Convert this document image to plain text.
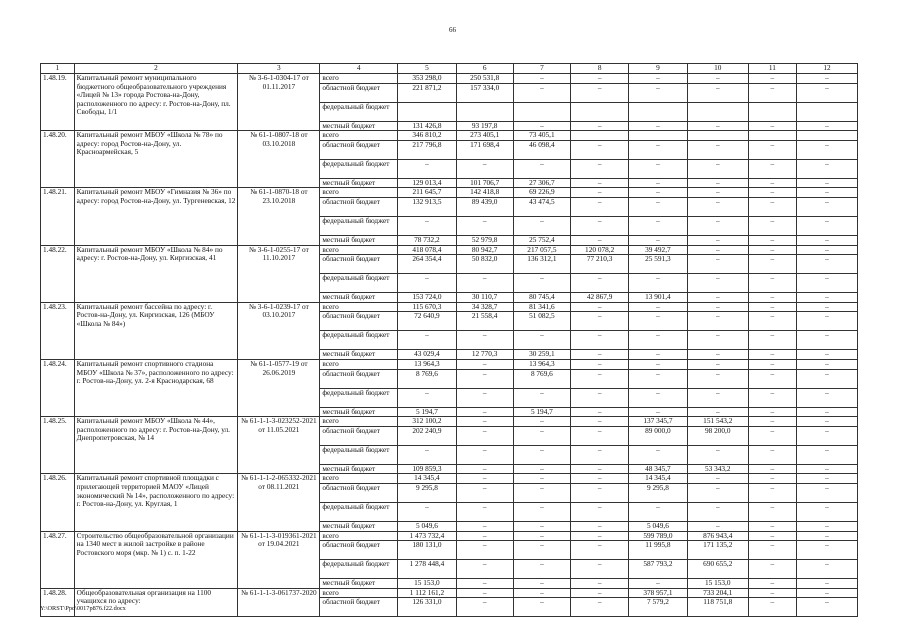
66
1	2	3	4	5	6	7	8	9	10	11	12
1.48.19.	Капитальный ремонт муниципального бюджетного общеобразовательного учреждения «Лицей № 13» города Ростова-на-Дону, расположенного по адресу: г. Ростов-на-Дону, пл. Свободы, 1/1	№ 3-6-1-0304-17 от 01.11.2017	всего	353 298,0	250 531,8	–	–	–	–	–	–
			областной бюджет	221 871,2	157 334,0	–	–	–	–	–	–
			федеральный бюджет								
			местный бюджет	131 426,8	93 197,8	–	–	–	–	–	–
1.48.20.	Капитальный ремонт МБОУ «Школа № 78» по адресу: город Ростов-на-Дону, ул. Красноармейская, 5	№ 61-1-0807-18 от 03.10.2018	всего	346 810,2	273 405,1	73 405,1					
			областной бюджет	217 796,8	171 698,4	46 098,4	–	–	–	–	–
			федеральный бюджет	–	–	–	–	–	–	–	–
			местный бюджет	129 013,4	101 706,7	27 306,7	–	–	–	–	–
1.48.21.	Капитальный ремонт МБОУ «Гимназия № 36» по адресу: город Ростов-на-Дону, ул. Тургеневская, 12	№ 61-1-0870-18 от 23.10.2018	всего	211 645,7	142 418,8	69 226,9	–	–	–	–	–
			областной бюджет	132 913,5	89 439,0	43 474,5	–	–	–	–	–
			федеральный бюджет	–	–	–	–	–	–	–	–
			местный бюджет	78 732,2	52 979,8	25 752,4	–	–	–	–	–
1.48.22.	Капитальный ремонт МБОУ «Школа № 84» по адресу: г. Ростов-на-Дону, ул. Киргизская, 41	№ 3-6-1-0255-17 от 11.10.2017	всего	418 078,4	80 942,7	217 057,5	120 078,2	39 492,7	–	–	–
			областной бюджет	264 354,4	50 832,0	136 312,1	77 210,3	25 591,3	–	–	–
			федеральный бюджет	–	–	–	–	–	–	–	–
			местный бюджет	153 724,0	30 110,7	80 745,4	42 867,9	13 901,4	–	–	–
1.48.23.	Капитальный ремонт бассейна по адресу: г. Ростов-на-Дону, ул. Киргизская, 126 (МБОУ «Школа № 84»)	№ 3-6-1-0239-17 от 03.10.2017	всего	115 670,3	34 328,7	81 341,6	–	–	–	–	–
			областной бюджет	72 640,9	21 558,4	51 082,5	–	–	–	–	–
			федеральный бюджет	–	–	–	–	–	–	–	–
			местный бюджет	43 029,4	12 770,3	30 259,1	–	–	–	–	–
1.48.24.	Капитальный ремонт спортивного стадиона МБОУ «Школа № 37», расположенного по адресу: г. Ростов-на-Дону, ул. 2-я Краснодарская, 68	№ 61-1-0577-19 от 26.06.2019	всего	13 964,3	–	13 964,3	–	–	–	–	–
			областной бюджет	8 769,6	–	8 769,6	–	–	–	–	–
			федеральный бюджет	–	–	–	–	–	–	–	–
			местный бюджет	5 194,7	–	5 194,7	–	–	–	–	–
1.48.25.	Капитальный ремонт МБОУ «Школа № 44», расположенного по адресу: г. Ростов-на-Дону, ул. Днепропетровская, № 14	№ 61-1-1-3-023252-2021 от 11.05.2021	всего	312 100,2	–	–	–	137 345,7	151 543,2	–	–
			областной бюджет	202 240,9	–	–	–	89 000,0	98 200,0	–	–
			федеральный бюджет	–	–	–	–	–	–	–	–
			местный бюджет	109 859,3	–	–	–	48 345,7	53 343,2	–	–
1.48.26.	Капитальный ремонт спортивной площадки с прилегающей территорией МАОУ «Лицей экономический № 14», расположенного по адресу: г. Ростов-на-Дону, ул. Круглая, 1	№ 61-1-1-2-065332-2021 от 08.11.2021	всего	14 345,4	–	–	–	14 345,4	–	–	–
			областной бюджет	9 295,8	–	–	–	9 295,8	–	–	–
			федеральный бюджет	–	–	–	–	–	–	–	–
			местный бюджет	5 049,6	–	–	–	5 049,6	–	–	–
1.48.27.	Строительство общеобразовательной организации на 1340 мест в жилой застройке в районе Ростовского моря (мкр. № 1) с. п. 1-22	№ 61-1-1-3-019361-2021 от 19.04.2021	всего	1 473 732,4	–	–	–	599 789,0	876 943,4	–	–
			областной бюджет	180 131,0	–	–	–	11 995,8	171 135,2	–	–
			федеральный бюджет	1 278 448,4	–	–	–	587 793,2	690 655,2	–	–
			местный бюджет	15 153,0	–	–	–	–	15 153,0	–	–
1.48.28.	Общеобразовательная организация на 1100 учащихся по адресу:	№ 61-1-1-3-061737-2020	всего	1 112 161,2	–	–	–	378 957,1	733 204,1	–	–
			областной бюджет	126 331,0	–	–	–	7 579,2	118 751,8	–	–
Y:\ORST\Ppd\0017p876.f22.docx
